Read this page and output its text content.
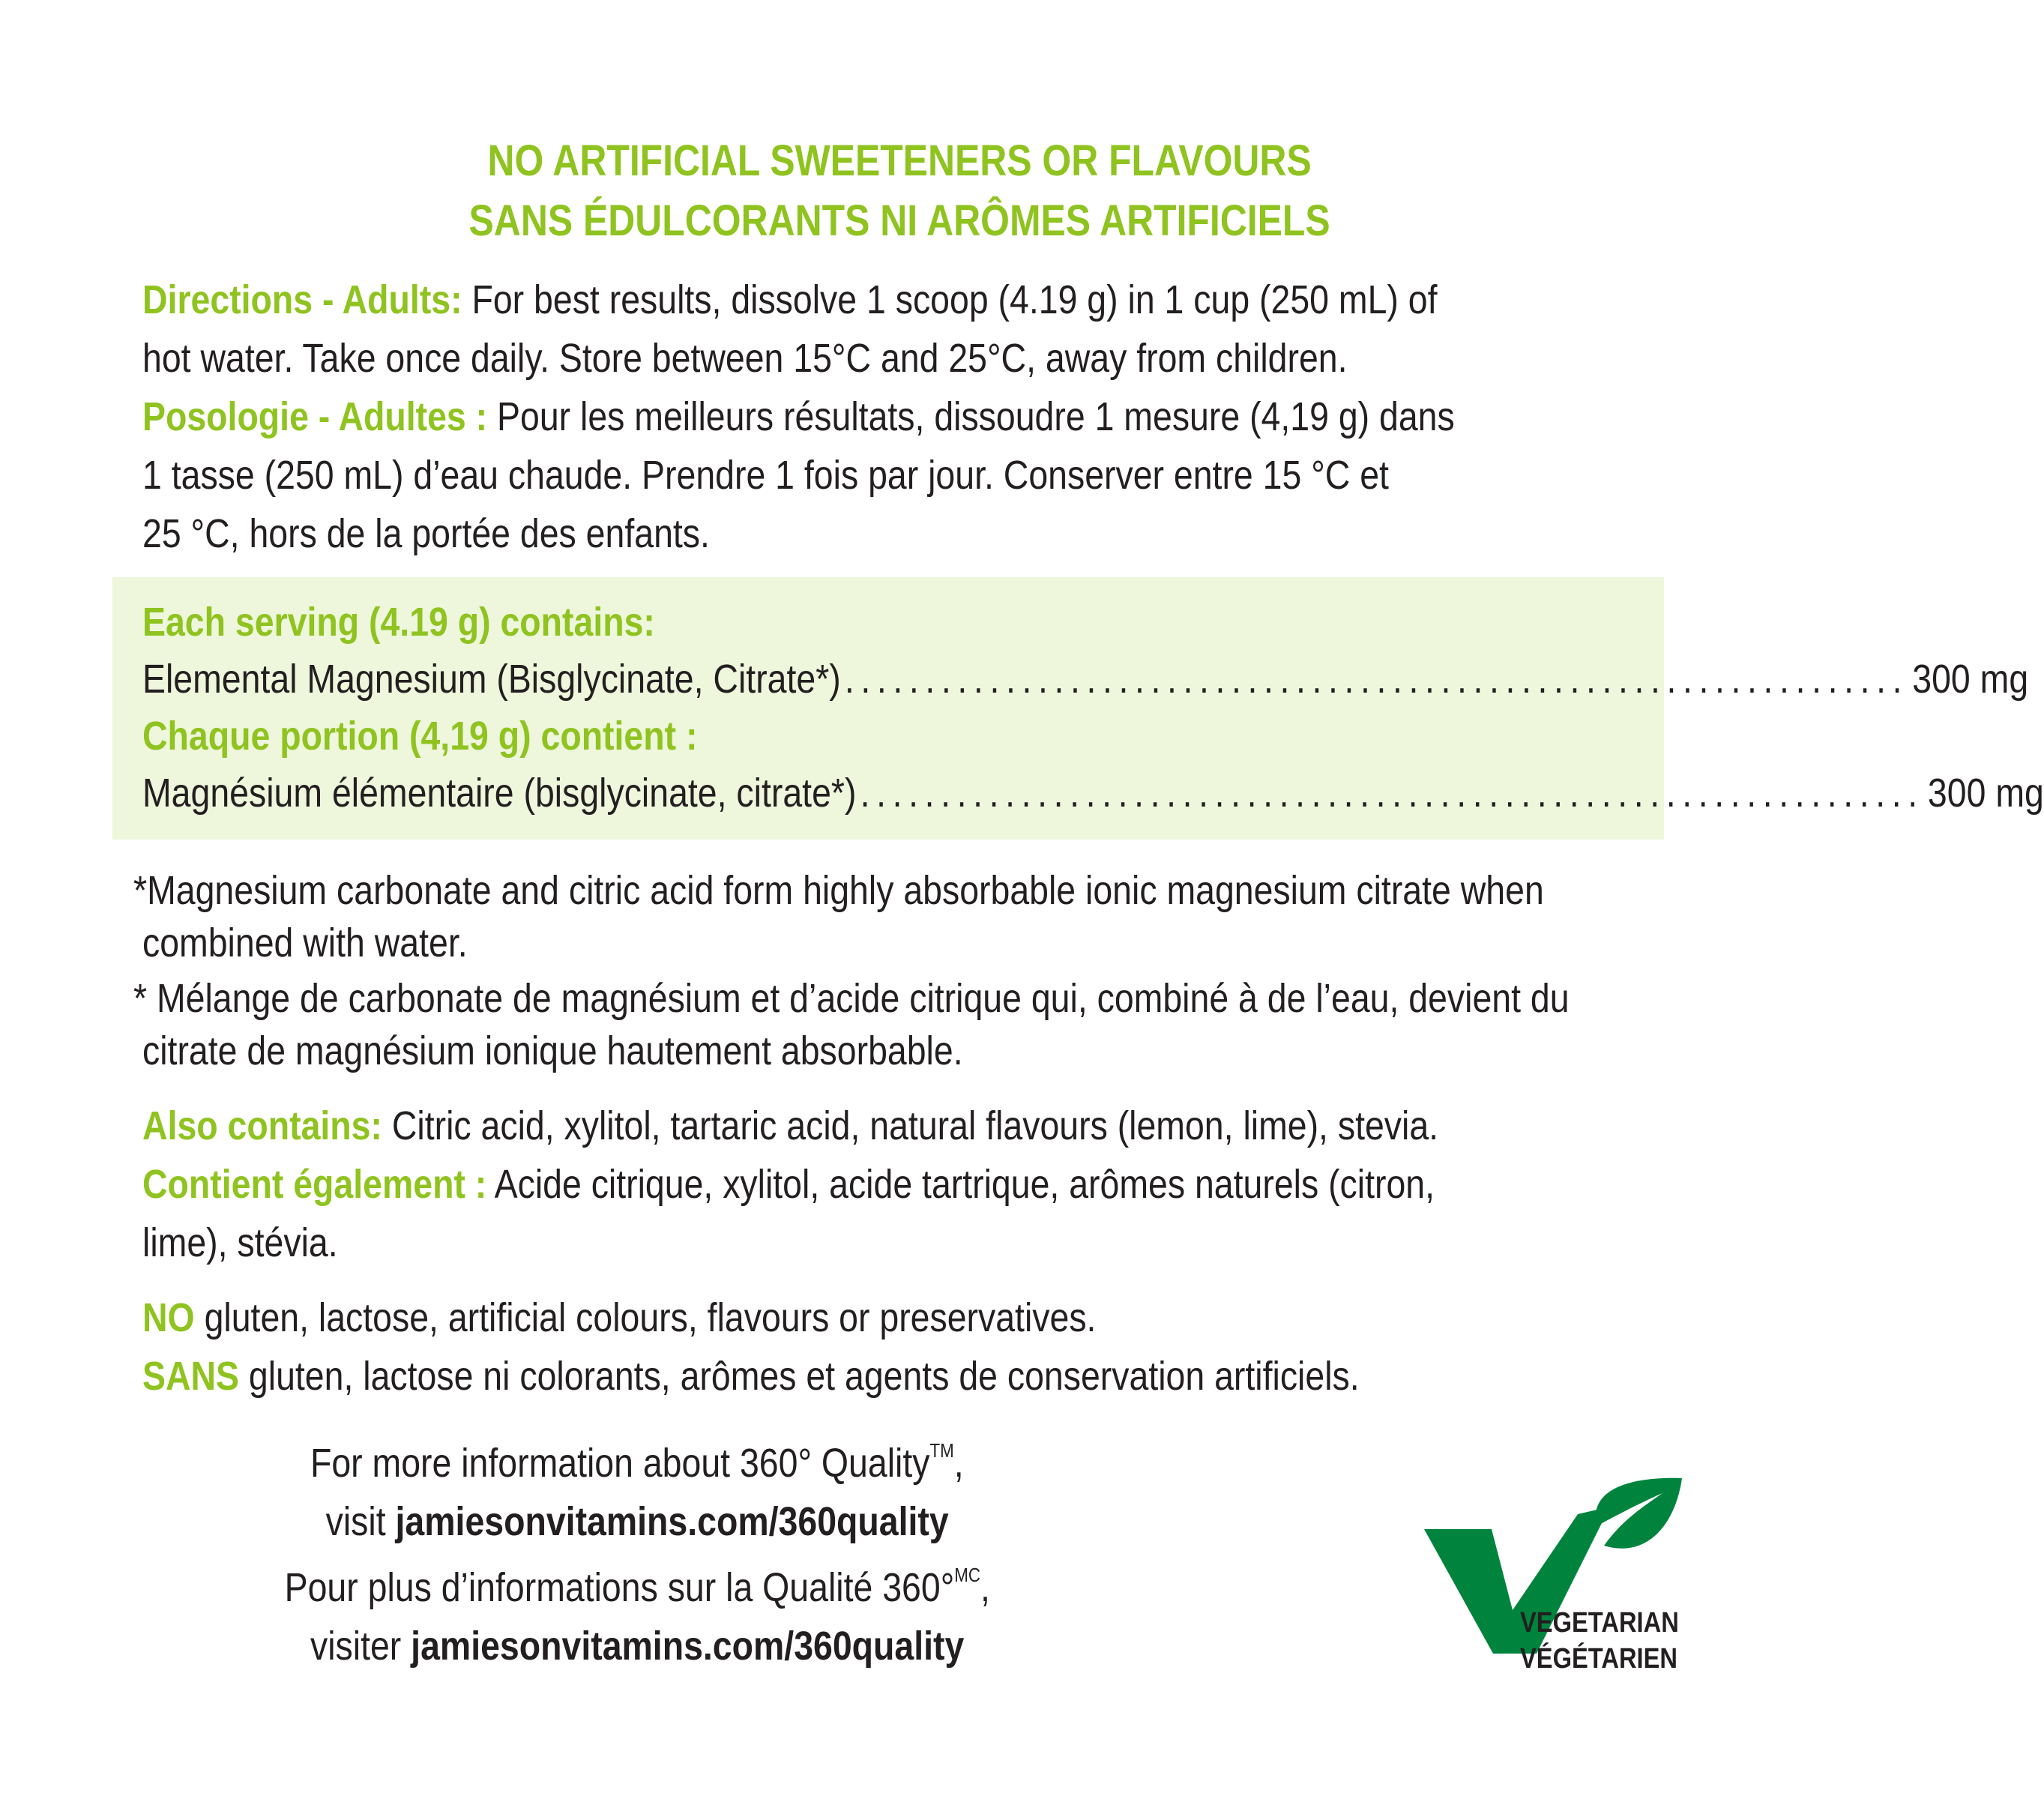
NO ARTIFICIAL SWEETENERS OR FLAVOURS
SANS ÉDULCORANTS NI ARÔMES ARTIFICIELS
Directions - Adults: For best results, dissolve 1 scoop (4.19 g) in 1 cup (250 mL) of
hot water. Take once daily. Store between 15°C and 25°C, away from children.
Posologie - Adultes : Pour les meilleurs résultats, dissoudre 1 mesure (4,19 g) dans
1 tasse (250 mL) d’eau chaude. Prendre 1 fois par jour. Conserver entre 15 °C et
25 °C, hors de la portée des enfants.
Each serving (4.19 g) contains:
Elemental Magnesium (Bisglycinate, Citrate*) .................................................................. 300 mg
Chaque portion (4,19 g) contient :
Magnésium élémentaire (bisglycinate, citrate*) .................................................................. 300 mg
*Magnesium carbonate and citric acid form highly absorbable ionic magnesium citrate when
combined with water.
* Mélange de carbonate de magnésium et d’acide citrique qui, combiné à de l’eau, devient du
citrate de magnésium ionique hautement absorbable.
Also contains: Citric acid, xylitol, tartaric acid, natural flavours (lemon, lime), stevia.
Contient également : Acide citrique, xylitol, acide tartrique, arômes naturels (citron,
lime), stévia.
NO gluten, lactose, artificial colours, flavours or preservatives.
SANS gluten, lactose ni colorants, arômes et agents de conservation artificiels.
For more information about 360° Quality™,
visit jamiesonvitamins.com/360quality
Pour plus d’informations sur la Qualité 360°$^{MC}$,
visiter jamiesonvitamins.com/360quality
VEGETARIAN
VÉGÉTARIEN
